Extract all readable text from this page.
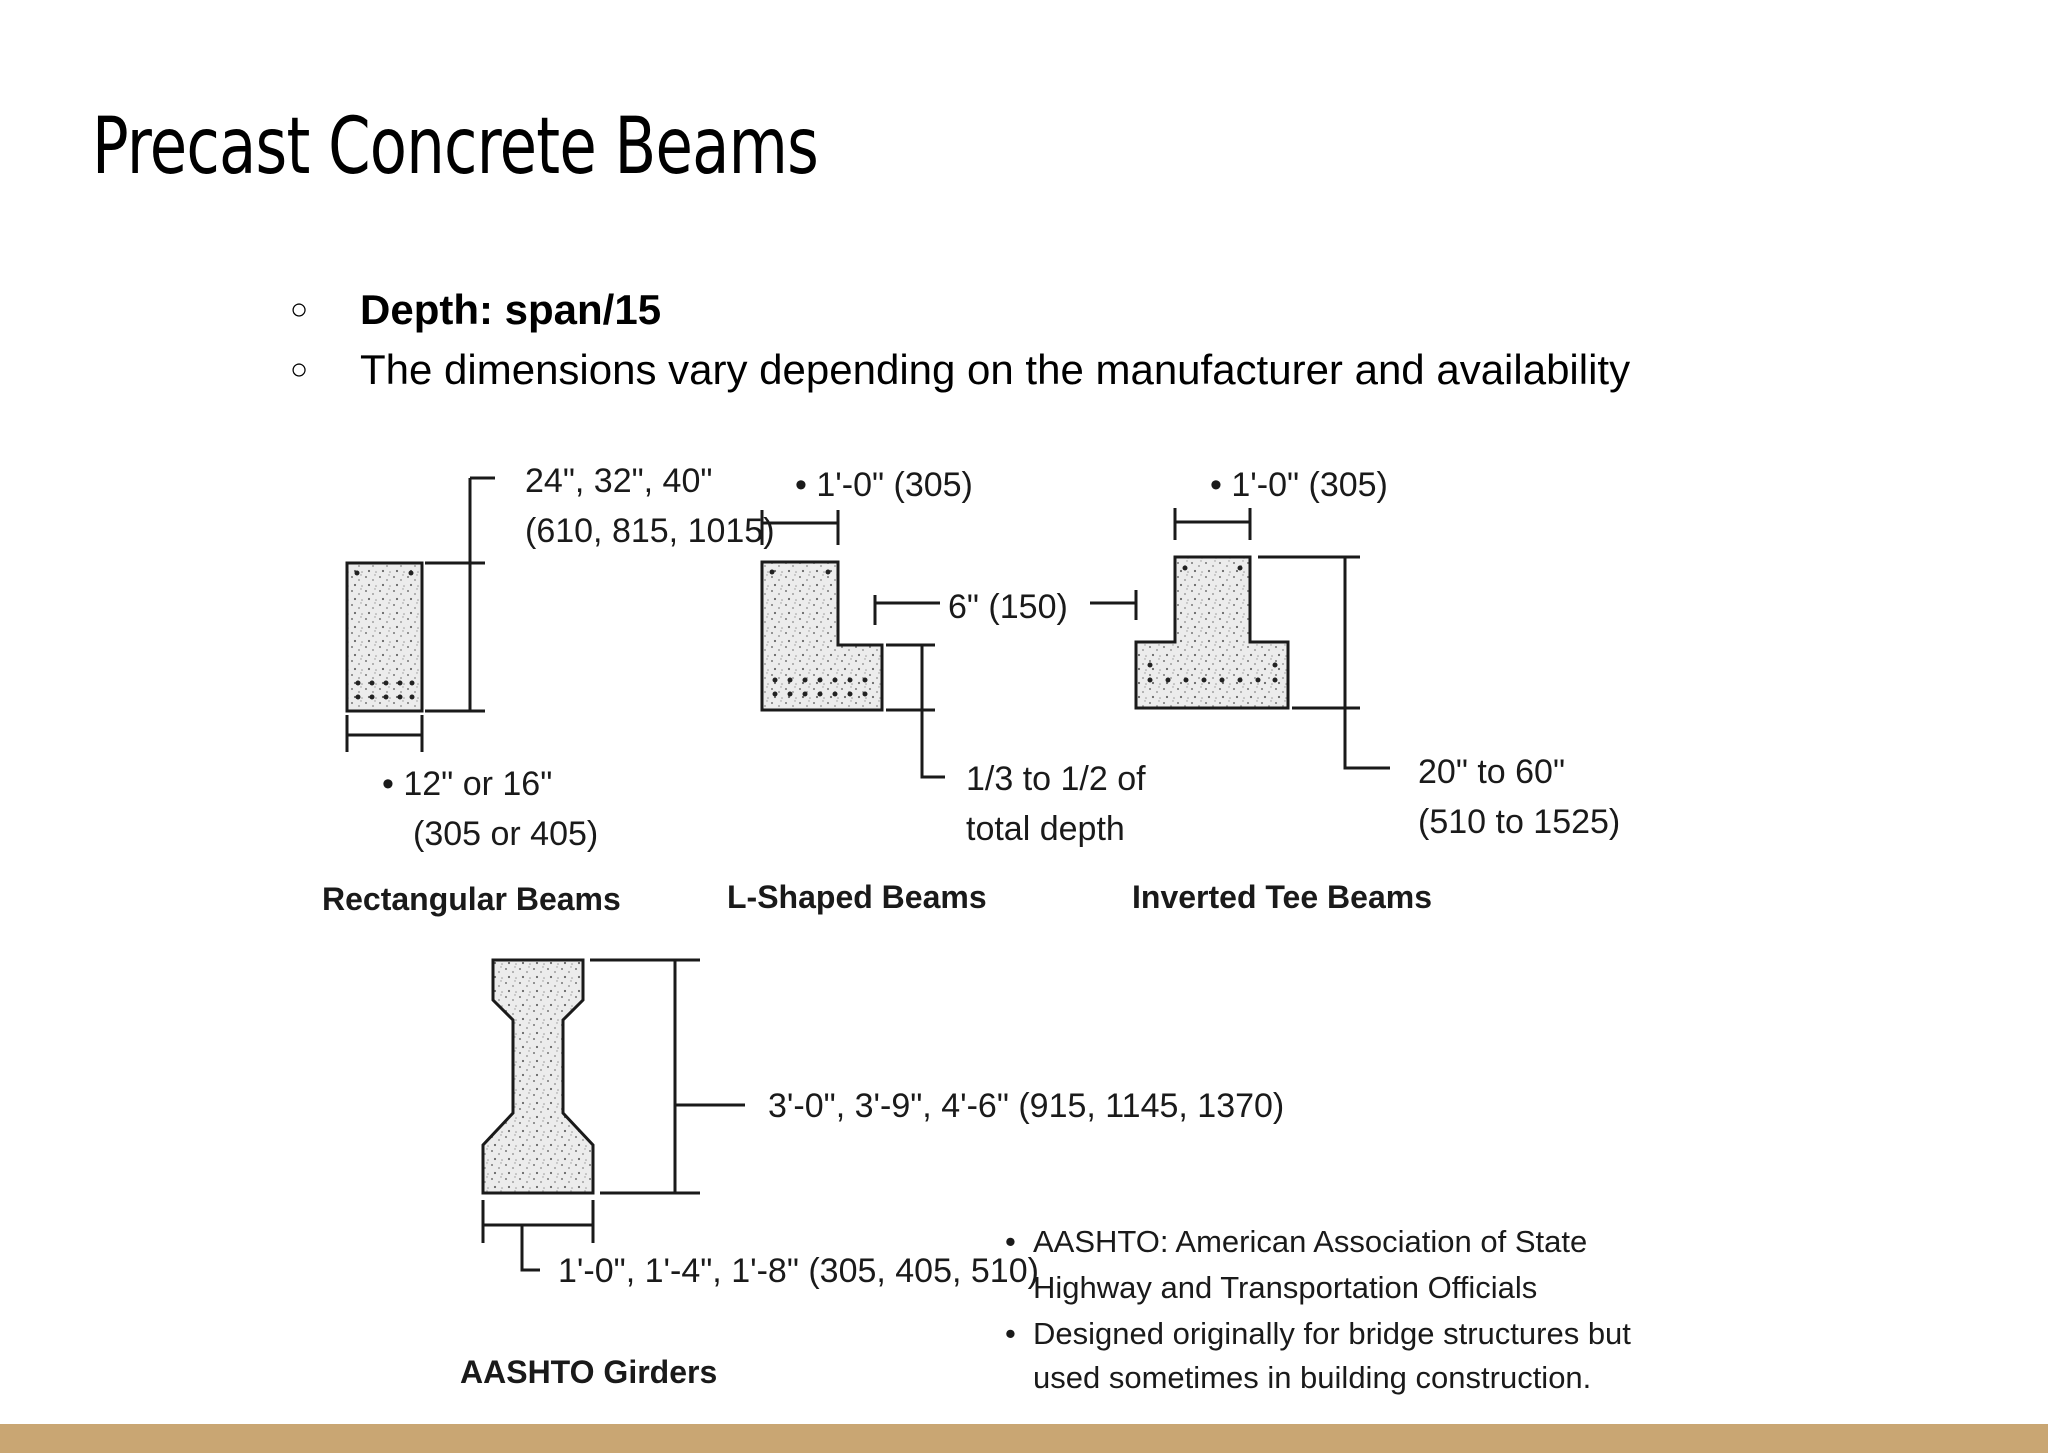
Precast Concrete Beams
○	Depth: span/15
○	The dimensions vary depending on the manufacturer and availability
24", 32", 40"
(610, 815, 1015)
• 12" or 16"
(305 or 405)
Rectangular Beams
• 1'-0" (305)
6" (150)
1/3 to 1/2 of
total depth
L-Shaped Beams
• 1'-0" (305)
20" to 60"
(510 to 1525)
Inverted Tee Beams
3'-0", 3'-9", 4'-6" (915, 1145, 1370)
1'-0", 1'-4", 1'-8" (305, 405, 510)
AASHTO Girders
• AASHTO: American Association of State
Highway and Transportation Officials
• Designed originally for bridge structures but
used sometimes in building construction.
